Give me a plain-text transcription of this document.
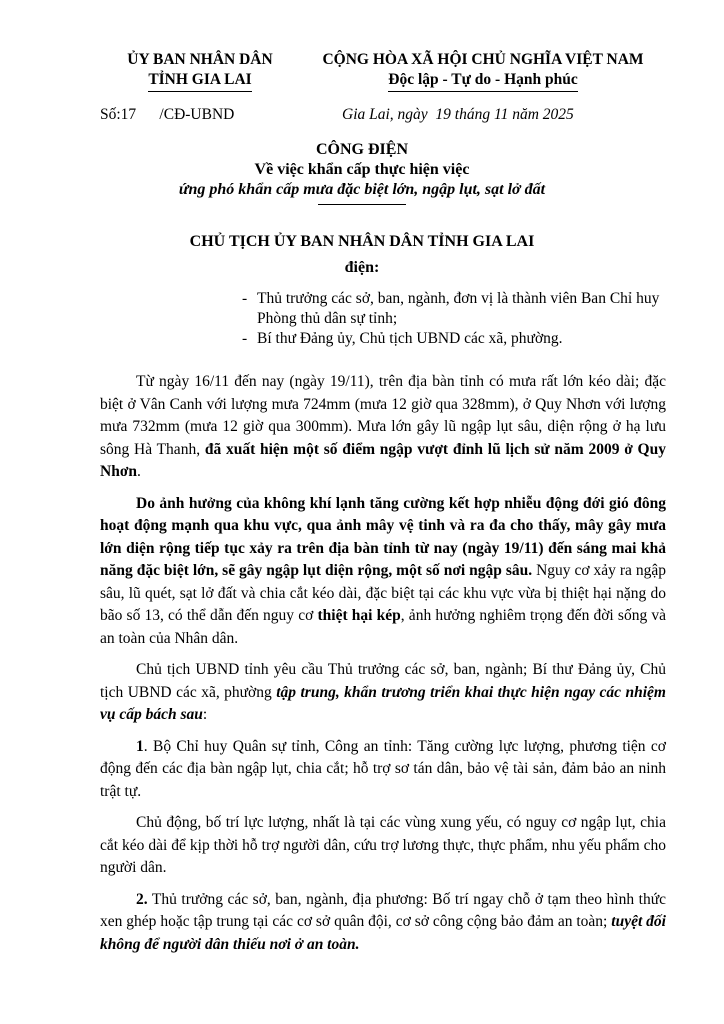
ỦY BAN NHÂN DÂN
TỈNH GIA LAI
CỘNG HÒA XÃ HỘI CHỦ NGHĨA VIỆT NAM
Độc lập - Tự do - Hạnh phúc
Số:17      /CĐ-UBND	Gia Lai, ngày  19 tháng 11 năm 2025
CÔNG ĐIỆN
Về việc khẩn cấp thực hiện việc
ứng phó khẩn cấp mưa đặc biệt lớn, ngập lụt, sạt lở đất
CHỦ TỊCH ỦY BAN NHÂN DÂN TỈNH GIA LAI
điện:
- Thủ trưởng các sở, ban, ngành, đơn vị là thành viên Ban Chỉ huy Phòng thủ dân sự tỉnh;
- Bí thư Đảng ủy, Chủ tịch UBND các xã, phường.

Từ ngày 16/11 đến nay (ngày 19/11), trên địa bàn tỉnh có mưa rất lớn kéo dài; đặc biệt ở Vân Canh với lượng mưa 724mm (mưa 12 giờ qua 328mm), ở Quy Nhơn với lượng mưa 732mm (mưa 12 giờ qua 300mm). Mưa lớn gây lũ ngập lụt sâu, diện rộng ở hạ lưu sông Hà Thanh, đã xuất hiện một số điểm ngập vượt đỉnh lũ lịch sử năm 2009 ở Quy Nhơn.

Do ảnh hưởng của không khí lạnh tăng cường kết hợp nhiễu động đới gió đông hoạt động mạnh qua khu vực, qua ảnh mây vệ tinh và ra đa cho thấy, mây gây mưa lớn diện rộng tiếp tục xảy ra trên địa bàn tỉnh từ nay (ngày 19/11) đến sáng mai khả năng đặc biệt lớn, sẽ gây ngập lụt diện rộng, một số nơi ngập sâu. Nguy cơ xảy ra ngập sâu, lũ quét, sạt lở đất và chia cắt kéo dài, đặc biệt tại các khu vực vừa bị thiệt hại nặng do bão số 13, có thể dẫn đến nguy cơ thiệt hại kép, ảnh hưởng nghiêm trọng đến đời sống và an toàn của Nhân dân.

Chủ tịch UBND tỉnh yêu cầu Thủ trưởng các sở, ban, ngành; Bí thư Đảng ủy, Chủ tịch UBND các xã, phường tập trung, khẩn trương triển khai thực hiện ngay các nhiệm vụ cấp bách sau:

1. Bộ Chỉ huy Quân sự tỉnh, Công an tỉnh: Tăng cường lực lượng, phương tiện cơ động đến các địa bàn ngập lụt, chia cắt; hỗ trợ sơ tán dân, bảo vệ tài sản, đảm bảo an ninh trật tự.

Chủ động, bố trí lực lượng, nhất là tại các vùng xung yếu, có nguy cơ ngập lụt, chia cắt kéo dài để kịp thời hỗ trợ người dân, cứu trợ lương thực, thực phẩm, nhu yếu phẩm cho người dân.

2. Thủ trưởng các sở, ban, ngành, địa phương: Bố trí ngay chỗ ở tạm theo hình thức xen ghép hoặc tập trung tại các cơ sở quân đội, cơ sở công cộng bảo đảm an toàn; tuyệt đối không để người dân thiếu nơi ở an toàn.
